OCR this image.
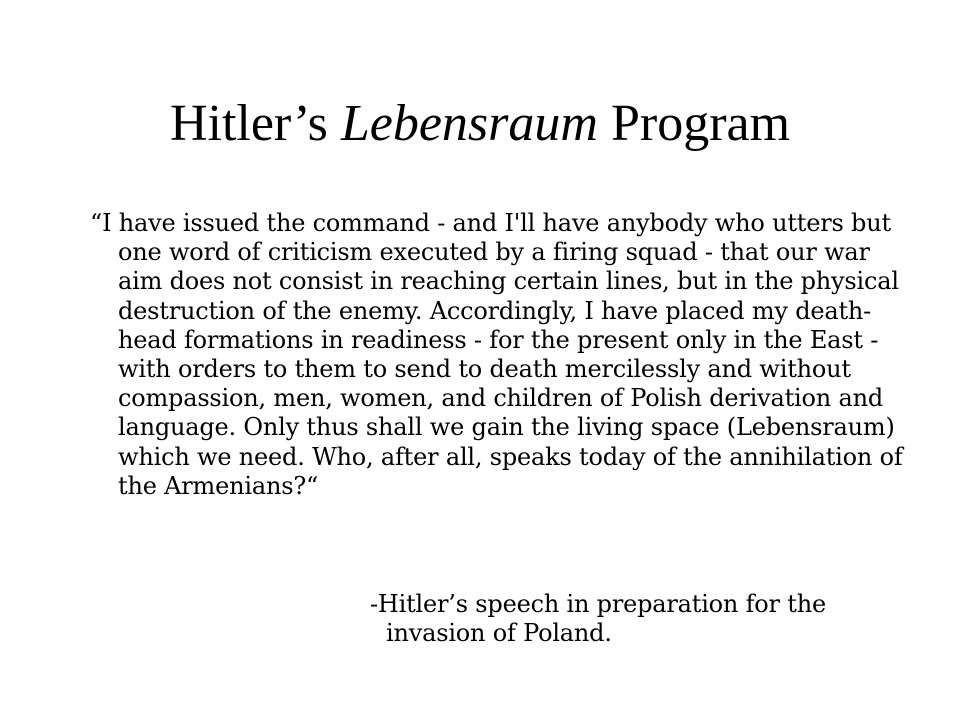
Hitler’s Lebensraum Program

“I have issued the command - and I'll have anybody who utters but one word of criticism executed by a firing squad - that our war aim does not consist in reaching certain lines, but in the physical destruction of the enemy. Accordingly, I have placed my death-head formations in readiness - for the present only in the East - with orders to them to send to death mercilessly and without compassion, men, women, and children of Polish derivation and language. Only thus shall we gain the living space (Lebensraum) which we need. Who, after all, speaks today of the annihilation of the Armenians?“

-Hitler’s speech in preparation for the invasion of Poland.
